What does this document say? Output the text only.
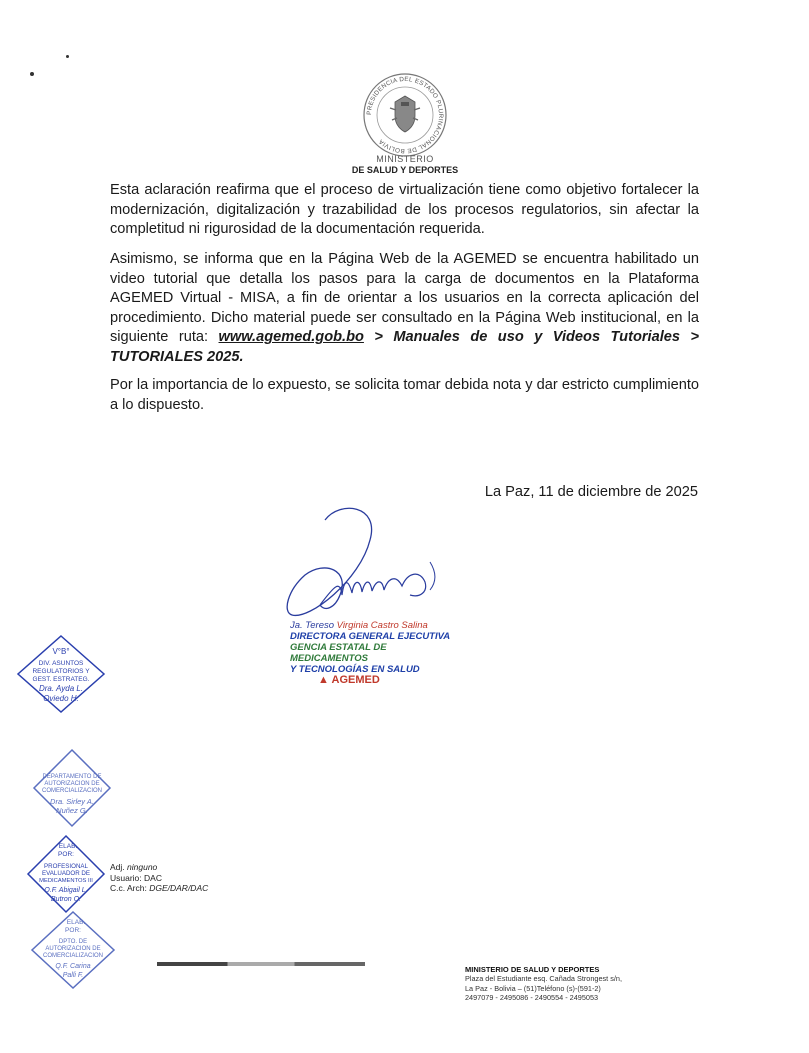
PRESIDENCIA DEL ESTADO PLURINACIONAL DE BOLIVIA
MINISTERIO
DE SALUD Y DEPORTES
Esta aclaración reafirma que el proceso de virtualización tiene como objetivo fortalecer la modernización, digitalización y trazabilidad de los procesos regulatorios, sin afectar la completitud ni rigurosidad de la documentación requerida.
Asimismo, se informa que en la Página Web de la AGEMED se encuentra habilitado un video tutorial que detalla los pasos para la carga de documentos en la Plataforma AGEMED Virtual - MISA, a fin de orientar a los usuarios en la correcta aplicación del procedimiento. Dicho material puede ser consultado en la Página Web institucional, en la siguiente ruta: www.agemed.gob.bo > Manuales de uso y Videos Tutoriales > TUTORIALES 2025.
Por la importancia de lo expuesto, se solicita tomar debida nota y dar estricto cumplimiento a lo dispuesto.
La Paz, 11 de diciembre de 2025
Ja. Tereso Virginia Castro Salina
DIRECTORA GENERAL EJECUTIVA
GENCIA ESTATAL DE MEDICAMENTOS
Y TECNOLOGÍAS EN SALUD
▲ AGEMED
V°B°
DIV. ASUNTOS
REGULATORIOS Y
GEST. ESTRATEG.
Dra. Ayda L.
Oviedo H.
DEPARTAMENTO DE
AUTORIZACION DE
COMERCIALIZACION
Dra. Sirley A.
Nuñez G.
ELAB.
POR:
PROFESIONAL
EVALUADOR DE
MEDICAMENTOS III
Q.F. Abigail L.
Butron O.
ELAB.
POR:
DPTO. DE
AUTORIZACION DE
COMERCIALIZACION
Q.F. Carina
Palli F.
Adj. ninguno
Usuario: DAC
C.c. Arch: DGE/DAR/DAC
MINISTERIO DE SALUD Y DEPORTES
Plaza del Estudiante esq. Cañada Strongest s/n,
La Paz - Bolivia – (51)Teléfono (s)-(591-2)
2497079 - 2495086 - 2490554 - 2495053
